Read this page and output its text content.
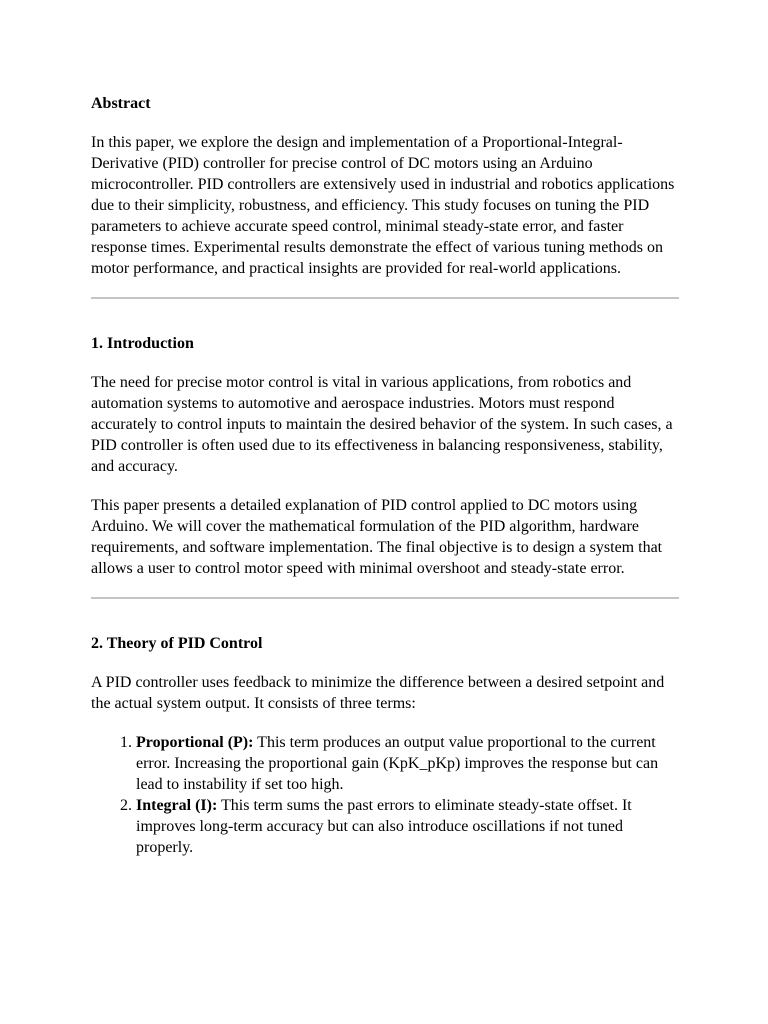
Abstract

In this paper, we explore the design and implementation of a Proportional-Integral-Derivative (PID) controller for precise control of DC motors using an Arduino microcontroller. PID controllers are extensively used in industrial and robotics applications due to their simplicity, robustness, and efficiency. This study focuses on tuning the PID parameters to achieve accurate speed control, minimal steady-state error, and faster response times. Experimental results demonstrate the effect of various tuning methods on motor performance, and practical insights are provided for real-world applications.

1. Introduction

The need for precise motor control is vital in various applications, from robotics and automation systems to automotive and aerospace industries. Motors must respond accurately to control inputs to maintain the desired behavior of the system. In such cases, a PID controller is often used due to its effectiveness in balancing responsiveness, stability, and accuracy.

This paper presents a detailed explanation of PID control applied to DC motors using Arduino. We will cover the mathematical formulation of the PID algorithm, hardware requirements, and software implementation. The final objective is to design a system that allows a user to control motor speed with minimal overshoot and steady-state error.

2. Theory of PID Control

A PID controller uses feedback to minimize the difference between a desired setpoint and the actual system output. It consists of three terms:

1. Proportional (P): This term produces an output value proportional to the current error. Increasing the proportional gain (KpK_pKp) improves the response but can lead to instability if set too high.
2. Integral (I): This term sums the past errors to eliminate steady-state offset. It improves long-term accuracy but can also introduce oscillations if not tuned properly.
